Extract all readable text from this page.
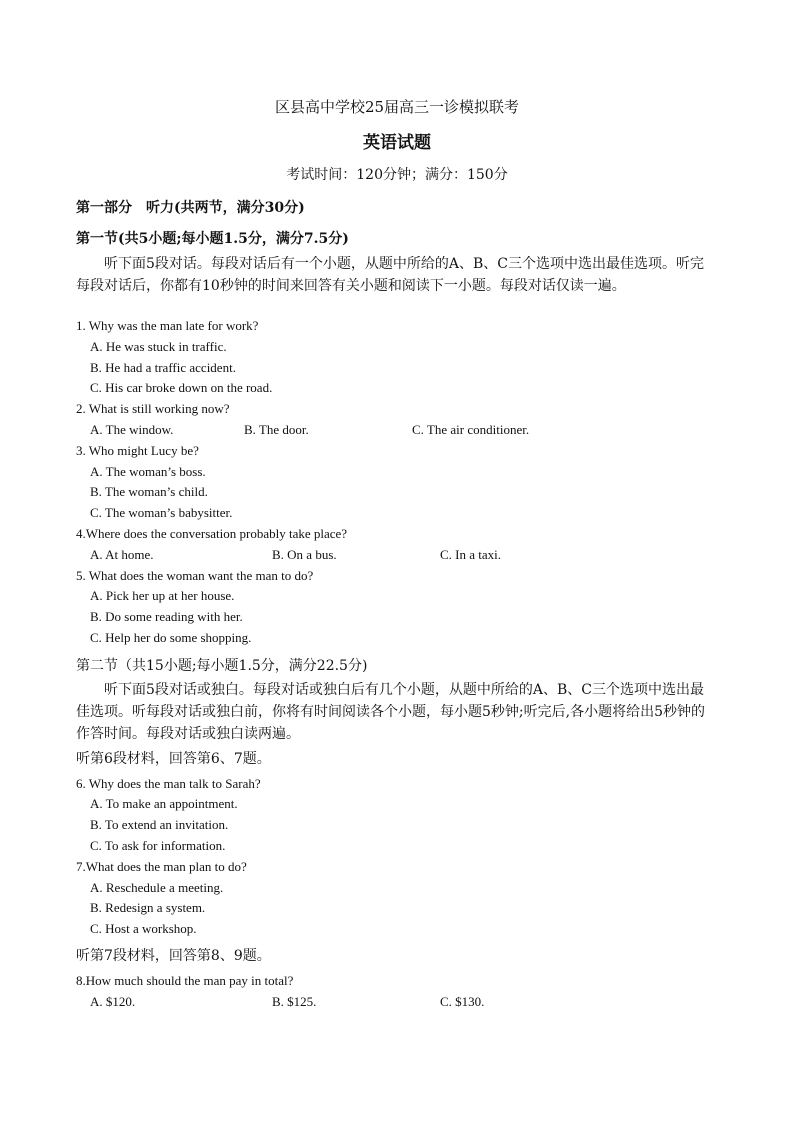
区县高中学校25届高三一诊模拟联考
英语试题
考试时间：120分钟；满分：150分
第一部分　听力(共两节，满分30分)
第一节(共5小题;每小题1.5分，满分7.5分)
听下面5段对话。每段对话后有一个小题，从题中所给的A、B、C三个选项中选出最佳选项。听完每段对话后，你都有10秒钟的时间来回答有关小题和阅读下一小题。每段对话仅读一遍。
1. Why was the man late for work?
A. He was stuck in traffic.
B. He had a traffic accident.
C. His car broke down on the road.
2. What is still working now?
A. The window.	B. The door.	C. The air conditioner.
3. Who might Lucy be?
A. The woman’s boss.
B. The woman’s child.
C. The woman’s babysitter.
4.Where does the conversation probably take place?
A. At home.	B. On a bus.	C. In a taxi.
5. What does the woman want the man to do?
A. Pick her up at her house.
B. Do some reading with her.
C. Help her do some shopping.
第二节（共15小题;每小题1.5分，满分22.5分)
听下面5段对话或独白。每段对话或独白后有几个小题，从题中所给的A、B、C三个选项中选出最佳选项。听每段对话或独白前，你将有时间阅读各个小题，每小题5秒钟;听完后,各小题将给出5秒钟的作答时间。每段对话或独白读两遍。
听第6段材料，回答第6、7题。
6. Why does the man talk to Sarah?
A. To make an appointment.
B. To extend an invitation.
C. To ask for information.
7.What does the man plan to do?
A. Reschedule a meeting.
B. Redesign a system.
C. Host a workshop.
听第7段材料，回答第8、9题。
8.How much should the man pay in total?
A. $120.	B. $125.	C. $130.
